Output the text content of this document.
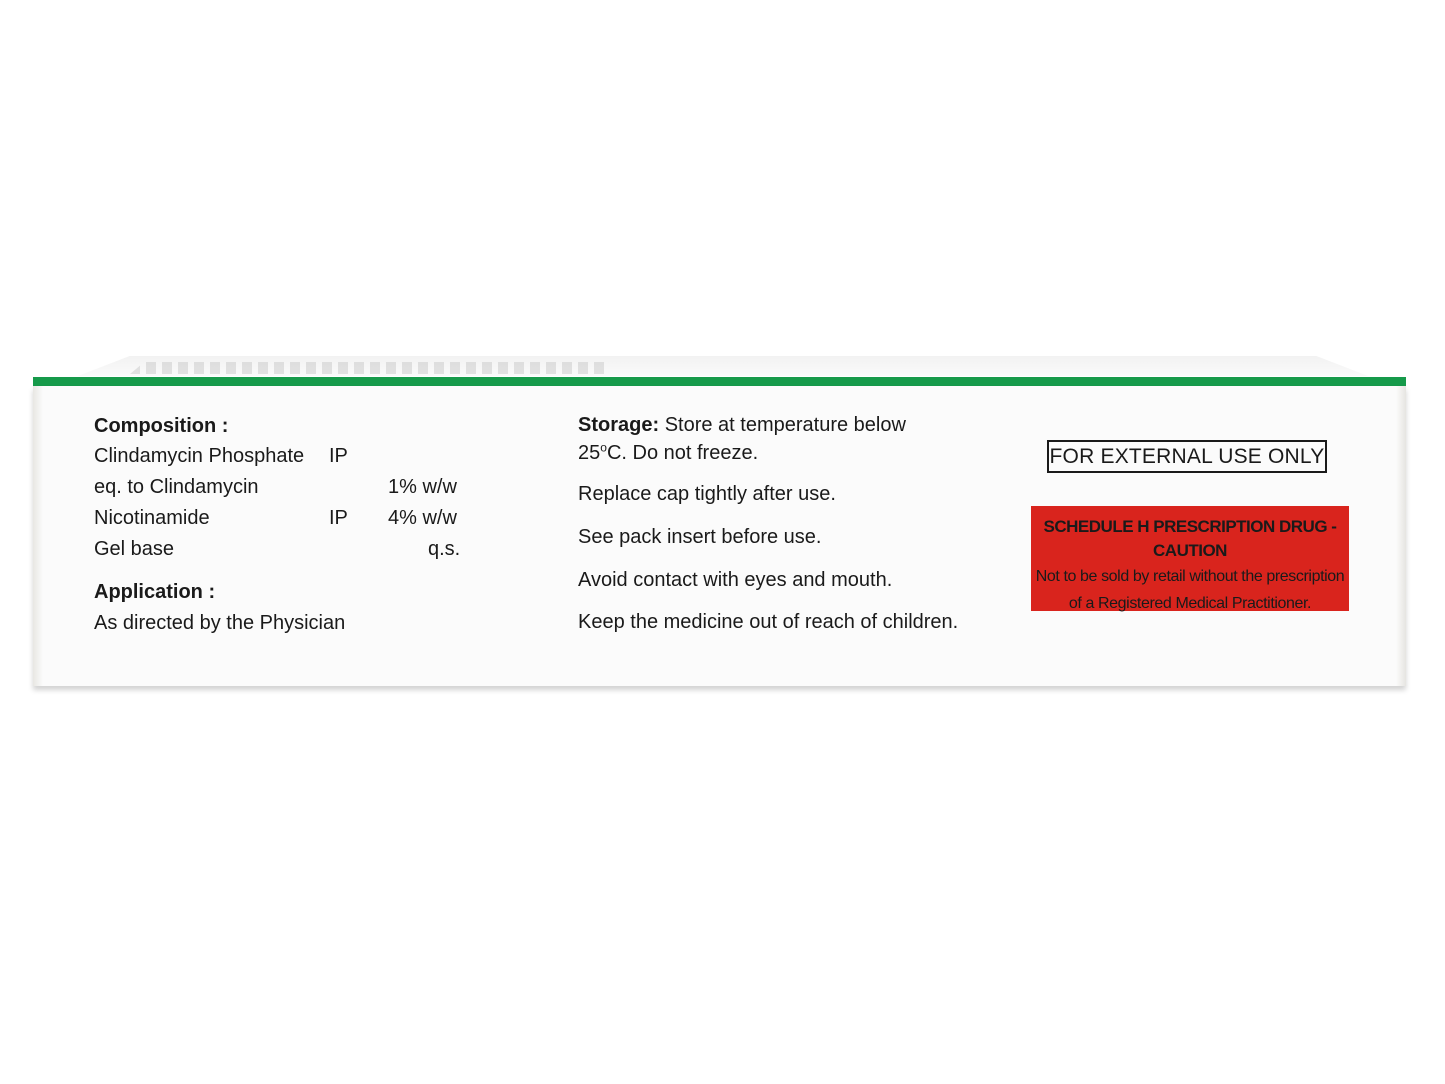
Composition :
Clindamycin Phosphate IP
eq. to Clindamycin	1% w/w
Nicotinamide	IP 4% w/w
Gel base	q.s.
Application :
As directed by the Physician
Storage: Store at temperature below
25$^o$C. Do not freeze.
Replace cap tightly after use.
See pack insert before use.
Avoid contact with eyes and mouth.
Keep the medicine out of reach of children.
FOR EXTERNAL USE ONLY
SCHEDULE H PRESCRIPTION DRUG - CAUTION
Not to be sold by retail without the prescription
of a Registered Medical Practitioner.
